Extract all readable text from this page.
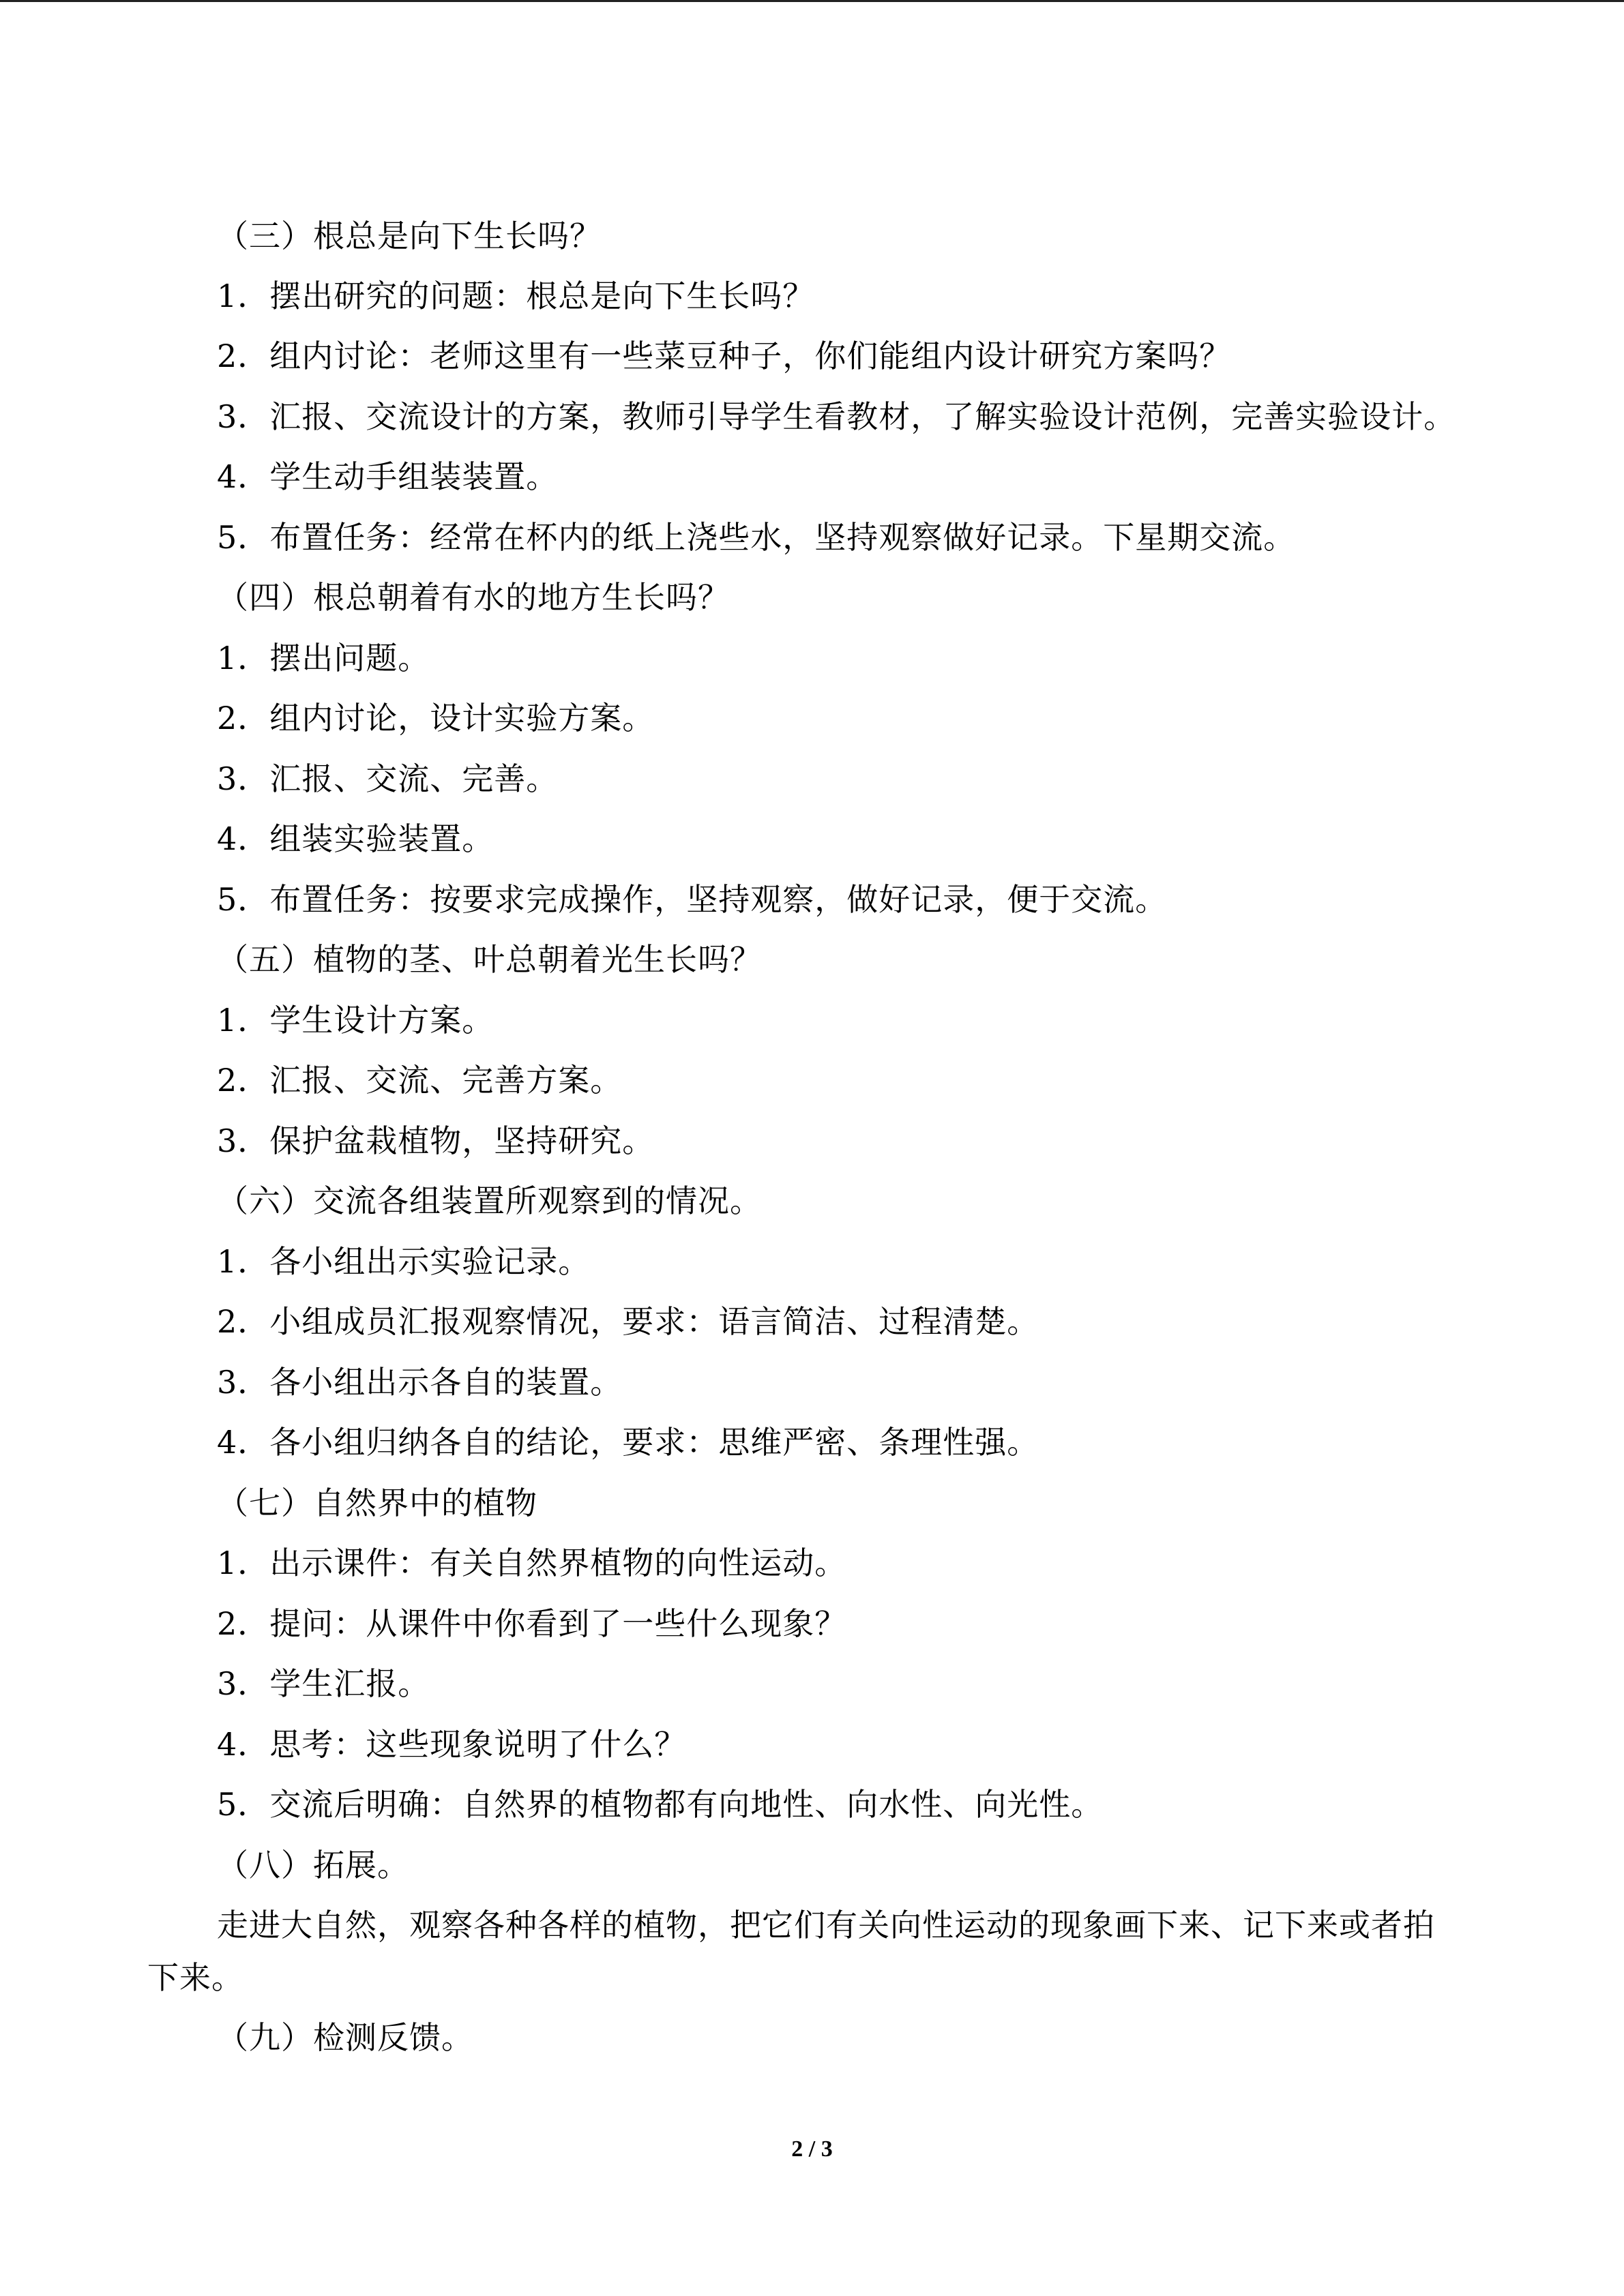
（三）根总是向下生长吗？
1．摆出研究的问题：根总是向下生长吗？
2．组内讨论：老师这里有一些菜豆种子，你们能组内设计研究方案吗？
3．汇报、交流设计的方案，教师引导学生看教材，了解实验设计范例，完善实验设计。
4．学生动手组装装置。
5．布置任务：经常在杯内的纸上浇些水，坚持观察做好记录。下星期交流。
（四）根总朝着有水的地方生长吗？
1．摆出问题。
2．组内讨论，设计实验方案。
3．汇报、交流、完善。
4．组装实验装置。
5．布置任务：按要求完成操作，坚持观察，做好记录，便于交流。
（五）植物的茎、叶总朝着光生长吗？
1．学生设计方案。
2．汇报、交流、完善方案。
3．保护盆栽植物，坚持研究。
（六）交流各组装置所观察到的情况。
1．各小组出示实验记录。
2．小组成员汇报观察情况，要求：语言简洁、过程清楚。
3．各小组出示各自的装置。
4．各小组归纳各自的结论，要求：思维严密、条理性强。
（七）自然界中的植物
1．出示课件：有关自然界植物的向性运动。
2．提问：从课件中你看到了一些什么现象？
3．学生汇报。
4．思考：这些现象说明了什么？
5．交流后明确：自然界的植物都有向地性、向水性、向光性。
（八）拓展。
走进大自然，观察各种各样的植物，把它们有关向性运动的现象画下来、记下来或者拍
下来。
（九）检测反馈。
2 / 3
